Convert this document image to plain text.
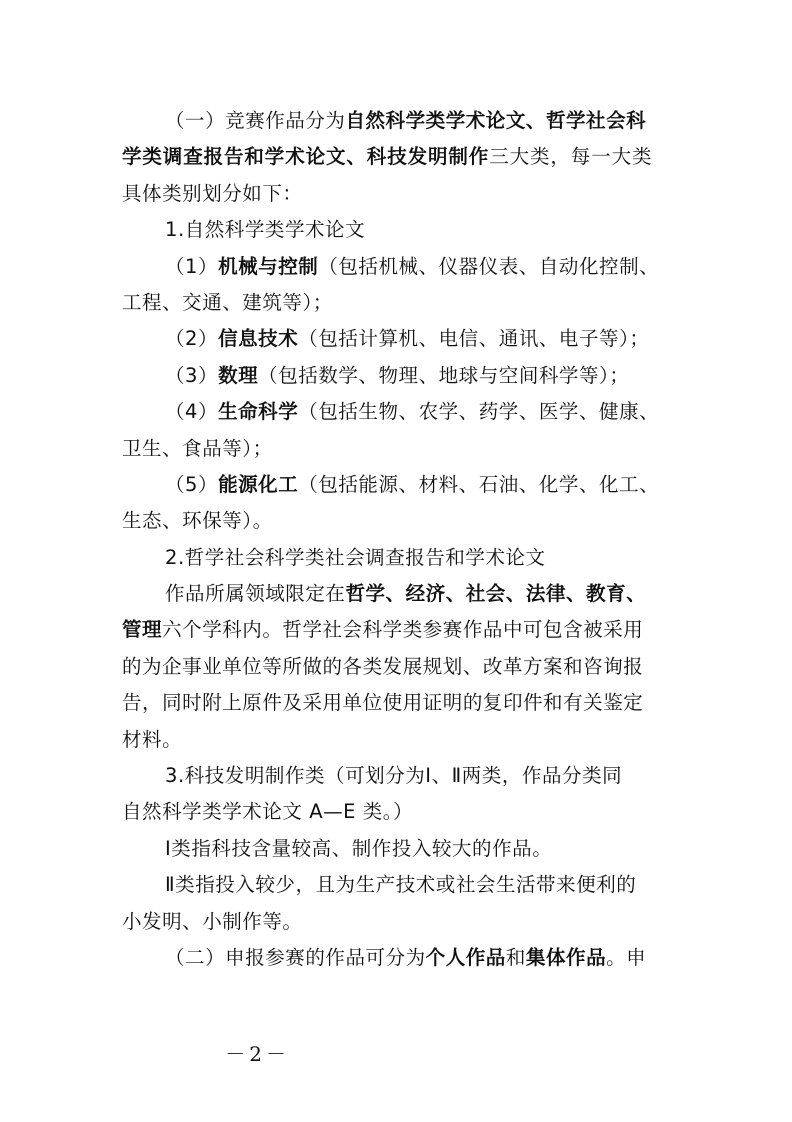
（一）竞赛作品分为自然科学类学术论文、哲学社会科
学类调查报告和学术论文、科技发明制作三大类，每一大类
具体类别划分如下：
1.自然科学类学术论文
（1）机械与控制（包括机械、仪器仪表、自动化控制、
工程、交通、建筑等）；
（2）信息技术（包括计算机、电信、通讯、电子等）；
（3）数理（包括数学、物理、地球与空间科学等）；
（4）生命科学（包括生物、农学、药学、医学、健康、
卫生、食品等）；
（5）能源化工（包括能源、材料、石油、化学、化工、
生态、环保等）。
2.哲学社会科学类社会调查报告和学术论文
作品所属领域限定在哲学、经济、社会、法律、教育、
管理六个学科内。哲学社会科学类参赛作品中可包含被采用
的为企事业单位等所做的各类发展规划、改革方案和咨询报
告，同时附上原件及采用单位使用证明的复印件和有关鉴定
材料。
3.科技发明制作类（可划分为Ⅰ、Ⅱ两类，作品分类同
自然科学类学术论文 A—E 类。）
Ⅰ类指科技含量较高、制作投入较大的作品。
Ⅱ类指投入较少，且为生产技术或社会生活带来便利的
小发明、小制作等。
（二）申报参赛的作品可分为个人作品和集体作品。申
－2－
